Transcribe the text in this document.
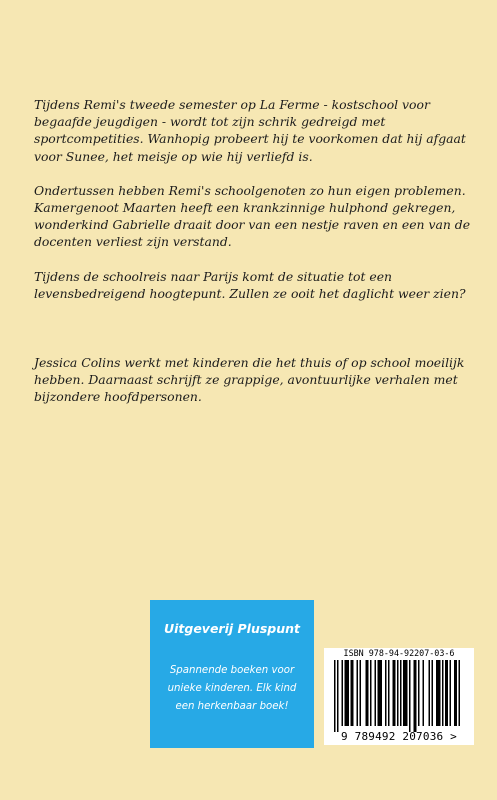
Tijdens Remi's tweede semester op La Ferme - kostschool voor begaafde jeugdigen - wordt tot zijn schrik gedreigd met sportcompetities. Wanhopig probeert hij te voorkomen dat hij afgaat voor Sunee, het meisje op wie hij verliefd is.

Ondertussen hebben Remi's schoolgenoten zo hun eigen problemen. Kamergenoot Maarten heeft een krankzinnige hulphond gekregen, wonderkind Gabrielle draait door van een nestje raven en een van de docenten verliest zijn verstand.

Tijdens de schoolreis naar Parijs komt de situatie tot een levensbedreigend hoogtepunt. Zullen ze ooit het daglicht weer zien?

Jessica Colins werkt met kinderen die het thuis of op school moeilijk hebben. Daarnaast schrijft ze grappige, avontuurlijke verhalen met bijzondere hoofdpersonen.

Uitgeverij Pluspunt
Spannende boeken voor unieke kinderen. Elk kind een herkenbaar boek!
ISBN 978-94-92207-03-6
9 789492 207036 >
